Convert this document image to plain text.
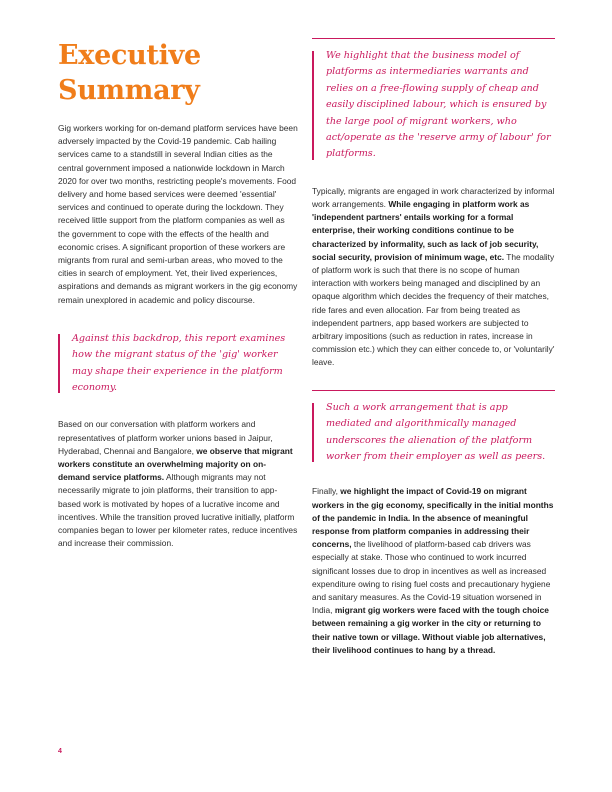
Executive
Summary

Gig workers working for on-demand platform services have been adversely impacted by the Covid-19 pandemic. Cab hailing services came to a standstill in several Indian cities as the central government imposed a nationwide lockdown in March 2020 for over two months, restricting people's movements. Food delivery and home based services were deemed 'essential' services and continued to operate during the lockdown. They received little support from the platform companies as well as the government to cope with the effects of the health and economic crises. A significant proportion of these workers are migrants from rural and semi-urban areas, who moved to the cities in search of employment. Yet, their lived experiences, aspirations and demands as migrant workers in the gig economy remain unexplored in academic and policy discourse.

Against this backdrop, this report examines how the migrant status of the 'gig' worker may shape their experience in the platform economy.

Based on our conversation with platform workers and representatives of platform worker unions based in Jaipur, Hyderabad, Chennai and Bangalore, we observe that migrant workers constitute an overwhelming majority on on-demand service platforms. Although migrants may not necessarily migrate to join platforms, their transition to app-based work is motivated by hopes of a lucrative income and incentives. While the transition proved lucrative initially, platform companies began to lower per kilometer rates, reduce incentives and increase their commission.

We highlight that the business model of platforms as intermediaries warrants and relies on a free-flowing supply of cheap and easily disciplined labour, which is ensured by the large pool of migrant workers, who act/operate as the 'reserve army of labour' for platforms.

Typically, migrants are engaged in work characterized by informal work arrangements. While engaging in platform work as 'independent partners' entails working for a formal enterprise, their working conditions continue to be characterized by informality, such as lack of job security, social security, provision of minimum wage, etc. The modality of platform work is such that there is no scope of human interaction with workers being managed and disciplined by an opaque algorithm which decides the frequency of their matches, ride fares and even allocation. Far from being treated as independent partners, app based workers are subjected to arbitrary impositions (such as reduction in rates, increase in commission etc.) which they can either concede to, or 'voluntarily' leave.

Such a work arrangement that is app mediated and algorithmically managed underscores the alienation of the platform worker from their employer as well as peers.

Finally, we highlight the impact of Covid-19 on migrant workers in the gig economy, specifically in the initial months of the pandemic in India. In the absence of meaningful response from platform companies in addressing their concerns, the livelihood of platform-based cab drivers was especially at stake. Those who continued to work incurred significant losses due to drop in incentives as well as increased expenditure owing to rising fuel costs and precautionary hygiene and sanitary measures. As the Covid-19 situation worsened in India, migrant gig workers were faced with the tough choice between remaining a gig worker in the city or returning to their native town or village. Without viable job alternatives, their livelihood continues to hang by a thread.

4
